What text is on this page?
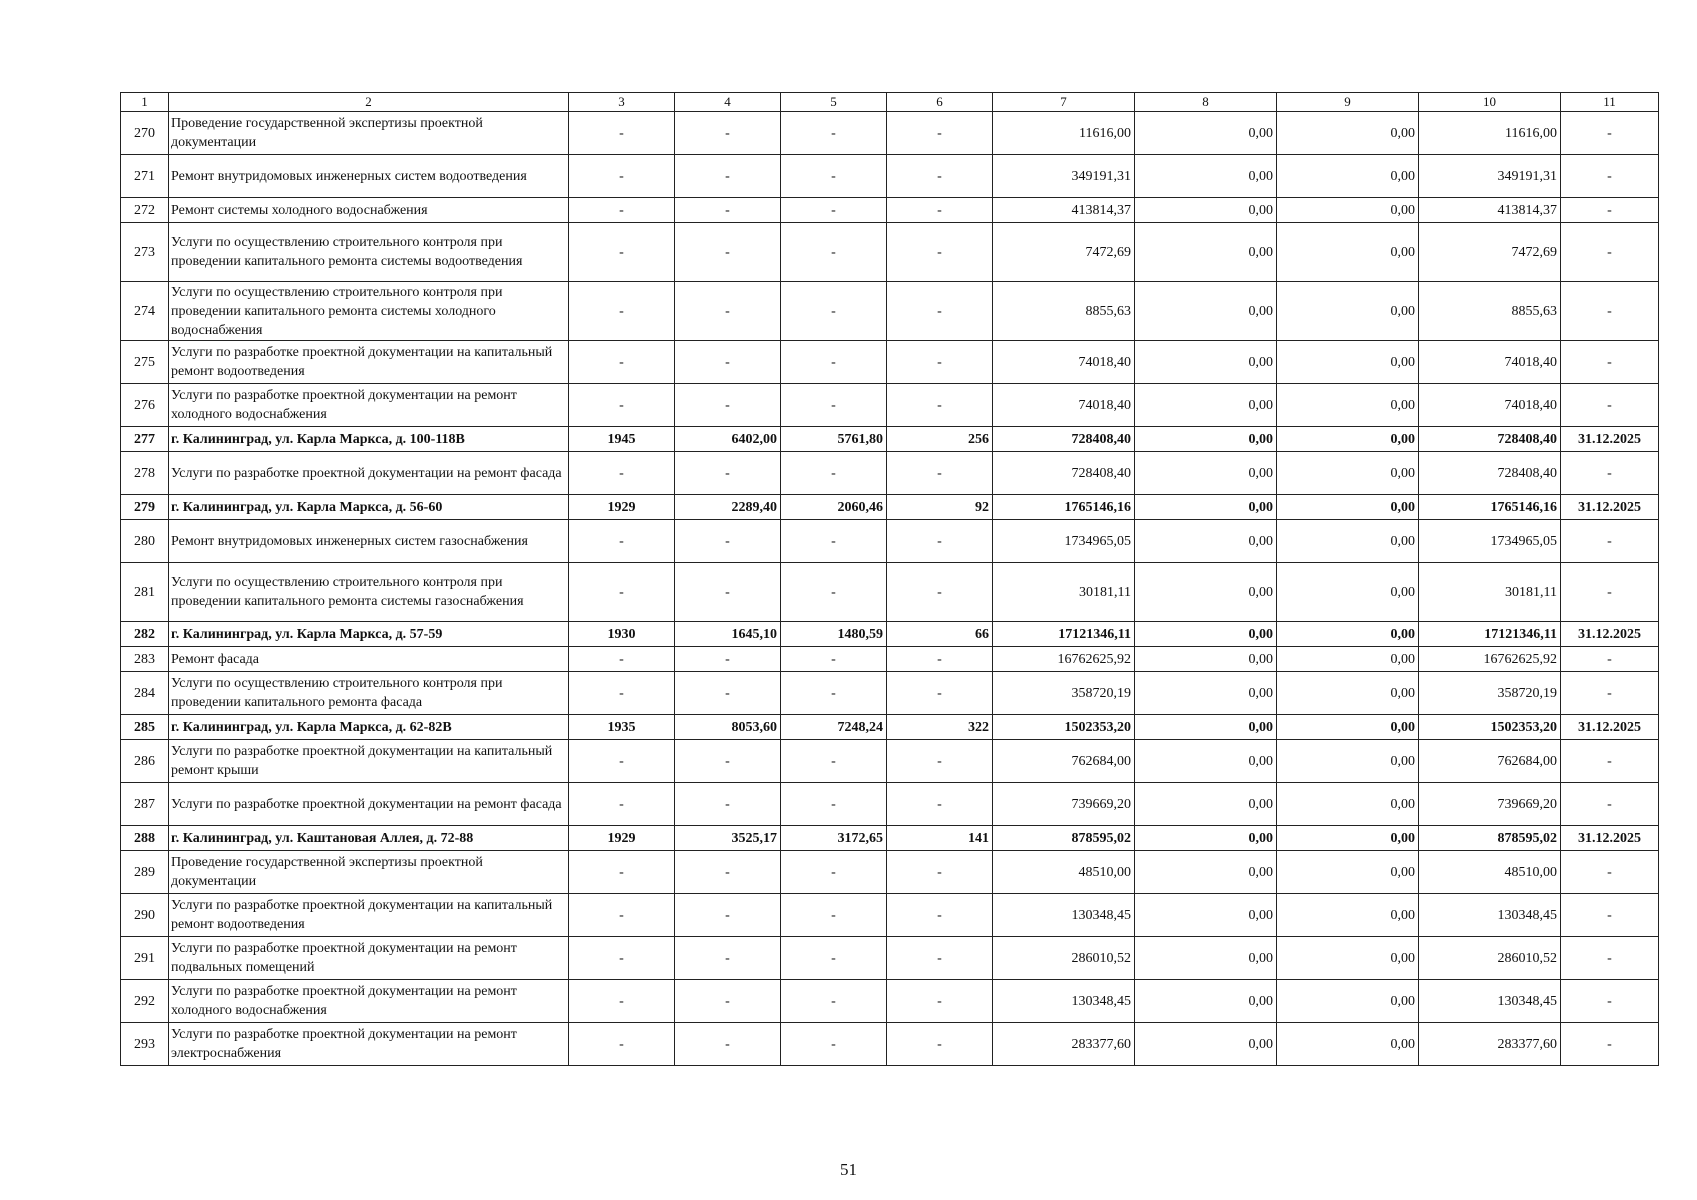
1	2	3	4	5	6	7	8	9	10	11
270	Проведение государственной экспертизы проектной документации	-	-	-	-	11616,00	0,00	0,00	11616,00	-
271	Ремонт внутридомовых инженерных систем водоотведения	-	-	-	-	349191,31	0,00	0,00	349191,31	-
272	Ремонт системы холодного водоснабжения	-	-	-	-	413814,37	0,00	0,00	413814,37	-
273	Услуги по осуществлению строительного контроля при проведении капитального ремонта системы водоотведения	-	-	-	-	7472,69	0,00	0,00	7472,69	-
274	Услуги по осуществлению строительного контроля при проведении капитального ремонта системы холодного водоснабжения	-	-	-	-	8855,63	0,00	0,00	8855,63	-
275	Услуги по разработке проектной документации на капитальный ремонт водоотведения	-	-	-	-	74018,40	0,00	0,00	74018,40	-
276	Услуги по разработке проектной документации на ремонт холодного водоснабжения	-	-	-	-	74018,40	0,00	0,00	74018,40	-
277	г. Калининград, ул. Карла Маркса, д. 100-118В	1945	6402,00	5761,80	256	728408,40	0,00	0,00	728408,40	31.12.2025
278	Услуги по разработке проектной документации на ремонт фасада	-	-	-	-	728408,40	0,00	0,00	728408,40	-
279	г. Калининград, ул. Карла Маркса, д. 56-60	1929	2289,40	2060,46	92	1765146,16	0,00	0,00	1765146,16	31.12.2025
280	Ремонт внутридомовых инженерных систем газоснабжения	-	-	-	-	1734965,05	0,00	0,00	1734965,05	-
281	Услуги по осуществлению строительного контроля при проведении капитального ремонта системы газоснабжения	-	-	-	-	30181,11	0,00	0,00	30181,11	-
282	г. Калининград, ул. Карла Маркса, д. 57-59	1930	1645,10	1480,59	66	17121346,11	0,00	0,00	17121346,11	31.12.2025
283	Ремонт фасада	-	-	-	-	16762625,92	0,00	0,00	16762625,92	-
284	Услуги по осуществлению строительного контроля при проведении капитального ремонта фасада	-	-	-	-	358720,19	0,00	0,00	358720,19	-
285	г. Калининград, ул. Карла Маркса, д. 62-82В	1935	8053,60	7248,24	322	1502353,20	0,00	0,00	1502353,20	31.12.2025
286	Услуги по разработке проектной документации на капитальный ремонт крыши	-	-	-	-	762684,00	0,00	0,00	762684,00	-
287	Услуги по разработке проектной документации на ремонт фасада	-	-	-	-	739669,20	0,00	0,00	739669,20	-
288	г. Калининград, ул. Каштановая Аллея, д. 72-88	1929	3525,17	3172,65	141	878595,02	0,00	0,00	878595,02	31.12.2025
289	Проведение государственной экспертизы проектной документации	-	-	-	-	48510,00	0,00	0,00	48510,00	-
290	Услуги по разработке проектной документации на капитальный ремонт водоотведения	-	-	-	-	130348,45	0,00	0,00	130348,45	-
291	Услуги по разработке проектной документации на ремонт подвальных помещений	-	-	-	-	286010,52	0,00	0,00	286010,52	-
292	Услуги по разработке проектной документации на ремонт холодного водоснабжения	-	-	-	-	130348,45	0,00	0,00	130348,45	-
293	Услуги по разработке проектной документации на ремонт электроснабжения	-	-	-	-	283377,60	0,00	0,00	283377,60	-
51
